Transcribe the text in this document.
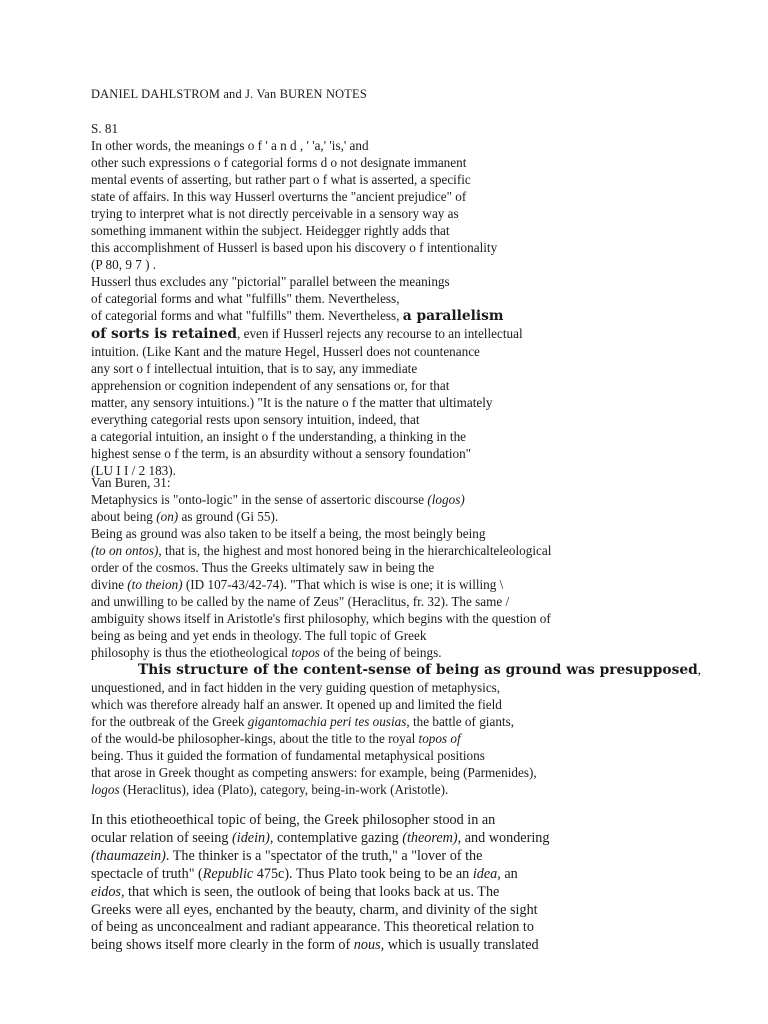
DANIEL DAHLSTROM and J. Van BUREN NOTES
S. 81
In other words, the meanings o f ' a n d , ' 'a,' 'is,' and
other such expressions o f categorial forms d o not designate immanent
mental events of asserting, but rather part o f what is asserted, a specific
state of affairs. In this way Husserl overturns the "ancient prejudice" of
trying to interpret what is not directly perceivable in a sensory way as
something immanent within the subject. Heidegger rightly adds that
this accomplishment of Husserl is based upon his discovery o f intentionality
(P 80, 9 7 ) .
Husserl thus excludes any "pictorial" parallel between the meanings
of categorial forms and what "fulfills" them. Nevertheless,
of categorial forms and what "fulfills" them. Nevertheless, a parallelism
of sorts is retained, even if Husserl rejects any recourse to an intellectual
intuition. (Like Kant and the mature Hegel, Husserl does not countenance
any sort o f intellectual intuition, that is to say, any immediate
apprehension or cognition independent of any sensations or, for that
matter, any sensory intuitions.) "It is the nature o f the matter that ultimately
everything categorial rests upon sensory intuition, indeed, that
a categorial intuition, an insight o f the understanding, a thinking in the
highest sense o f the term, is an absurdity without a sensory foundation"
(LU I I / 2 183).
Van Buren, 31:
Metaphysics is "onto-logic" in the sense of assertoric discourse (logos)
about being (on) as ground (Gi 55).
Being as ground was also taken to be itself a being, the most beingly being
(to on ontos), that is, the highest and most honored being in the hierarchicalteleological
order of the cosmos. Thus the Greeks ultimately saw in being the
divine (to theion) (ID 107-43/42-74). "That which is wise is one; it is willing \
and unwilling to be called by the name of Zeus" (Heraclitus, fr. 32). The same /
ambiguity shows itself in Aristotle's first philosophy, which begins with the question of
being as being and yet ends in theology. The full topic of Greek
philosophy is thus the etiotheological topos of the being of beings.
This structure of the content-sense of being as ground was presupposed,
unquestioned, and in fact hidden in the very guiding question of metaphysics,
which was therefore already half an answer. It opened up and limited the field
for the outbreak of the Greek gigantomachia peri tes ousias, the battle of giants,
of the would-be philosopher-kings, about the title to the royal topos of
being. Thus it guided the formation of fundamental metaphysical positions
that arose in Greek thought as competing answers: for example, being (Parmenides),
logos (Heraclitus), idea (Plato), category, being-in-work (Aristotle).
In this etiotheoethical topic of being, the Greek philosopher stood in an
ocular relation of seeing (idein), contemplative gazing (theorem), and wondering
(thaumazein). The thinker is a "spectator of the truth," a "lover of the
spectacle of truth" (Republic 475c). Thus Plato took being to be an idea, an
eidos, that which is seen, the outlook of being that looks back at us. The
Greeks were all eyes, enchanted by the beauty, charm, and divinity of the sight
of being as unconcealment and radiant appearance. This theoretical relation to
being shows itself more clearly in the form of nous, which is usually translated
